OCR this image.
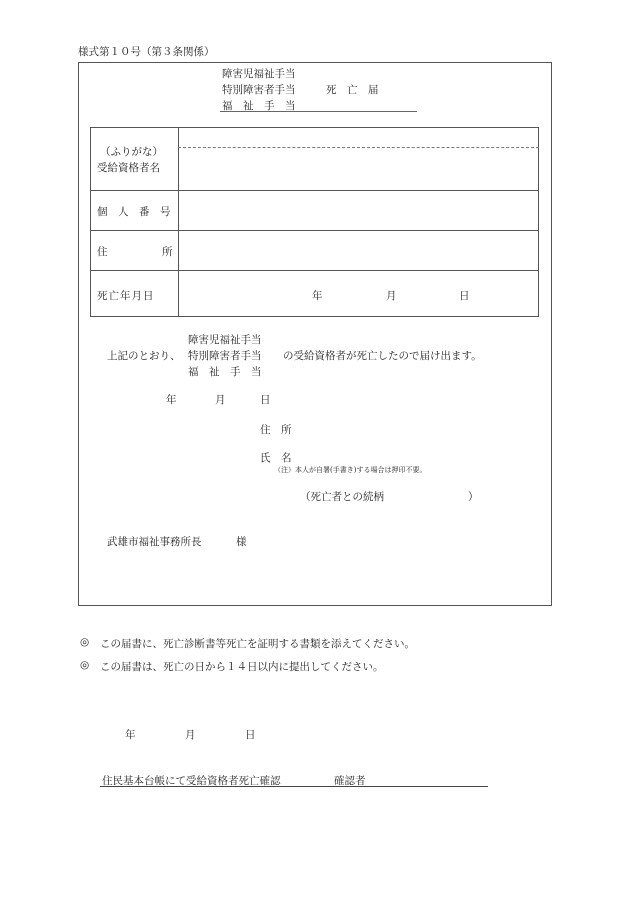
様式第１０号（第３条関係）
障害児福祉手当
特別障害者手当
福　祉　手　当
死　亡　届
（ふりがな）
受給資格者名
個　人　番　号
住	所
死亡年月日	年	月	日
障害児福祉手当
上記のとおり、 特別障害者手当 の受給資格者が死亡したので届け出ます。
福　祉　手　当
年	月	日
住　所
氏　名
（注）本人が自署(手書き)する場合は押印不要。
（死亡者との続柄	）
武雄市福祉事務所長	様
◎ この届書に、死亡診断書等死亡を証明する書類を添えてください。
◎ この届書は、死亡の日から１４日以内に提出してください。
年	月	日
住民基本台帳にて受給資格者死亡確認	確認者
